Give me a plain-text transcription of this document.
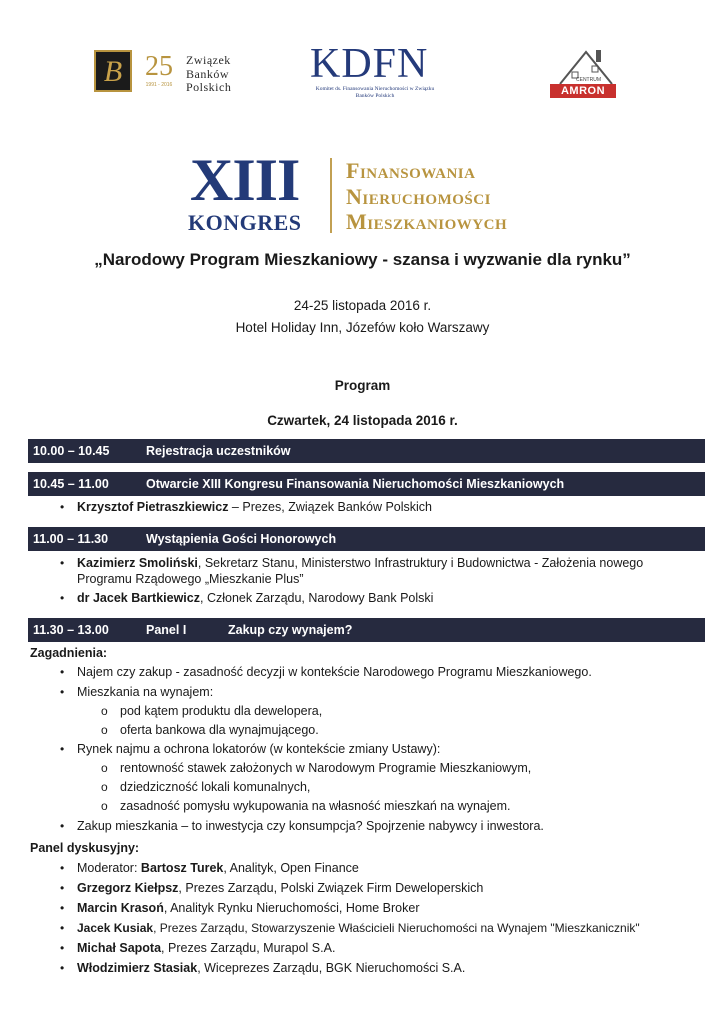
B 25
1991 - 2016
Związek
Banków
Polskich KDFN
Komitet ds. Finansowania Nieruchomości w Związku Banków Polskich
CENTRUM
AMRON
XIII
KONGRES
Finansowania
Nieruchomości
Mieszkaniowych
„Narodowy Program Mieszkaniowy - szansa i wyzwanie dla rynku”
24-25 listopada 2016 r.
Hotel Holiday Inn, Józefów koło Warszawy
Program
Czwartek, 24 listopada 2016 r.
10.00 – 10.45	Rejestracja uczestników
10.45 – 11.00	Otwarcie XIII Kongresu Finansowania Nieruchomości Mieszkaniowych
• Krzysztof Pietraszkiewicz – Prezes, Związek Banków Polskich
11.00 – 11.30	Wystąpienia Gości Honorowych
• Kazimierz Smoliński, Sekretarz Stanu, Ministerstwo Infrastruktury i Budownictwa - Założenia nowego
Programu Rządowego „Mieszkanie Plus”
• dr Jacek Bartkiewicz, Członek Zarządu, Narodowy Bank Polski
11.30 – 13.00	Panel I	Zakup czy wynajem?
Zagadnienia:
• Najem czy zakup - zasadność decyzji w kontekście Narodowego Programu Mieszkaniowego.
• Mieszkania na wynajem:
o pod kątem produktu dla dewelopera,
o oferta bankowa dla wynajmującego.
• Rynek najmu a ochrona lokatorów (w kontekście zmiany Ustawy):
o rentowność stawek założonych w Narodowym Programie Mieszkaniowym,
o dziedziczność lokali komunalnych,
o zasadność pomysłu wykupowania na własność mieszkań na wynajem.
• Zakup mieszkania – to inwestycja czy konsumpcja? Spojrzenie nabywcy i inwestora.
Panel dyskusyjny:
• Moderator: Bartosz Turek, Analityk, Open Finance
• Grzegorz Kiełpsz, Prezes Zarządu, Polski Związek Firm Deweloperskich
• Marcin Krasoń, Analityk Rynku Nieruchomości, Home Broker
• Jacek Kusiak, Prezes Zarządu, Stowarzyszenie Właścicieli Nieruchomości na Wynajem "Mieszkanicznik"
• Michał Sapota, Prezes Zarządu, Murapol S.A.
• Włodzimierz Stasiak, Wiceprezes Zarządu, BGK Nieruchomości S.A.
